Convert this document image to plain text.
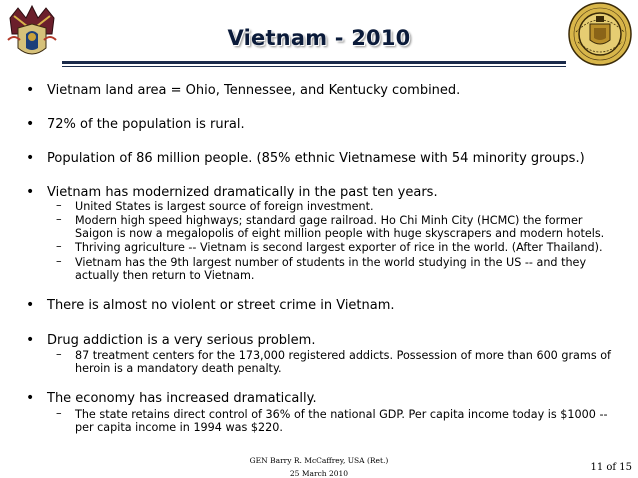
Vietnam - 2010
• Vietnam land area = Ohio, Tennessee, and Kentucky combined.
• 72% of the population is rural.
• Population of 86 million people. (85% ethnic Vietnamese with 54 minority groups.)
• Vietnam has modernized dramatically in the past ten years.
– United States is largest source of foreign investment.
– Modern high speed highways; standard gage railroad. Ho Chi Minh City (HCMC) the former Saigon is now a megalopolis of eight million people with huge skyscrapers and modern hotels.
– Thriving agriculture -- Vietnam is second largest exporter of rice in the world. (After Thailand).
– Vietnam has the 9th largest number of students in the world studying in the US -- and they actually then return to Vietnam.
• There is almost no violent or street crime in Vietnam.
• Drug addiction is a very serious problem.
– 87 treatment centers for the 173,000 registered addicts. Possession of more than 600 grams of heroin is a mandatory death penalty.
• The economy has increased dramatically.
– The state retains direct control of 36% of the national GDP. Per capita income today is $1000 -- per capita income in 1994 was $220.
GEN Barry R. McCaffrey, USA (Ret.)
25 March 2010
11 of 15
